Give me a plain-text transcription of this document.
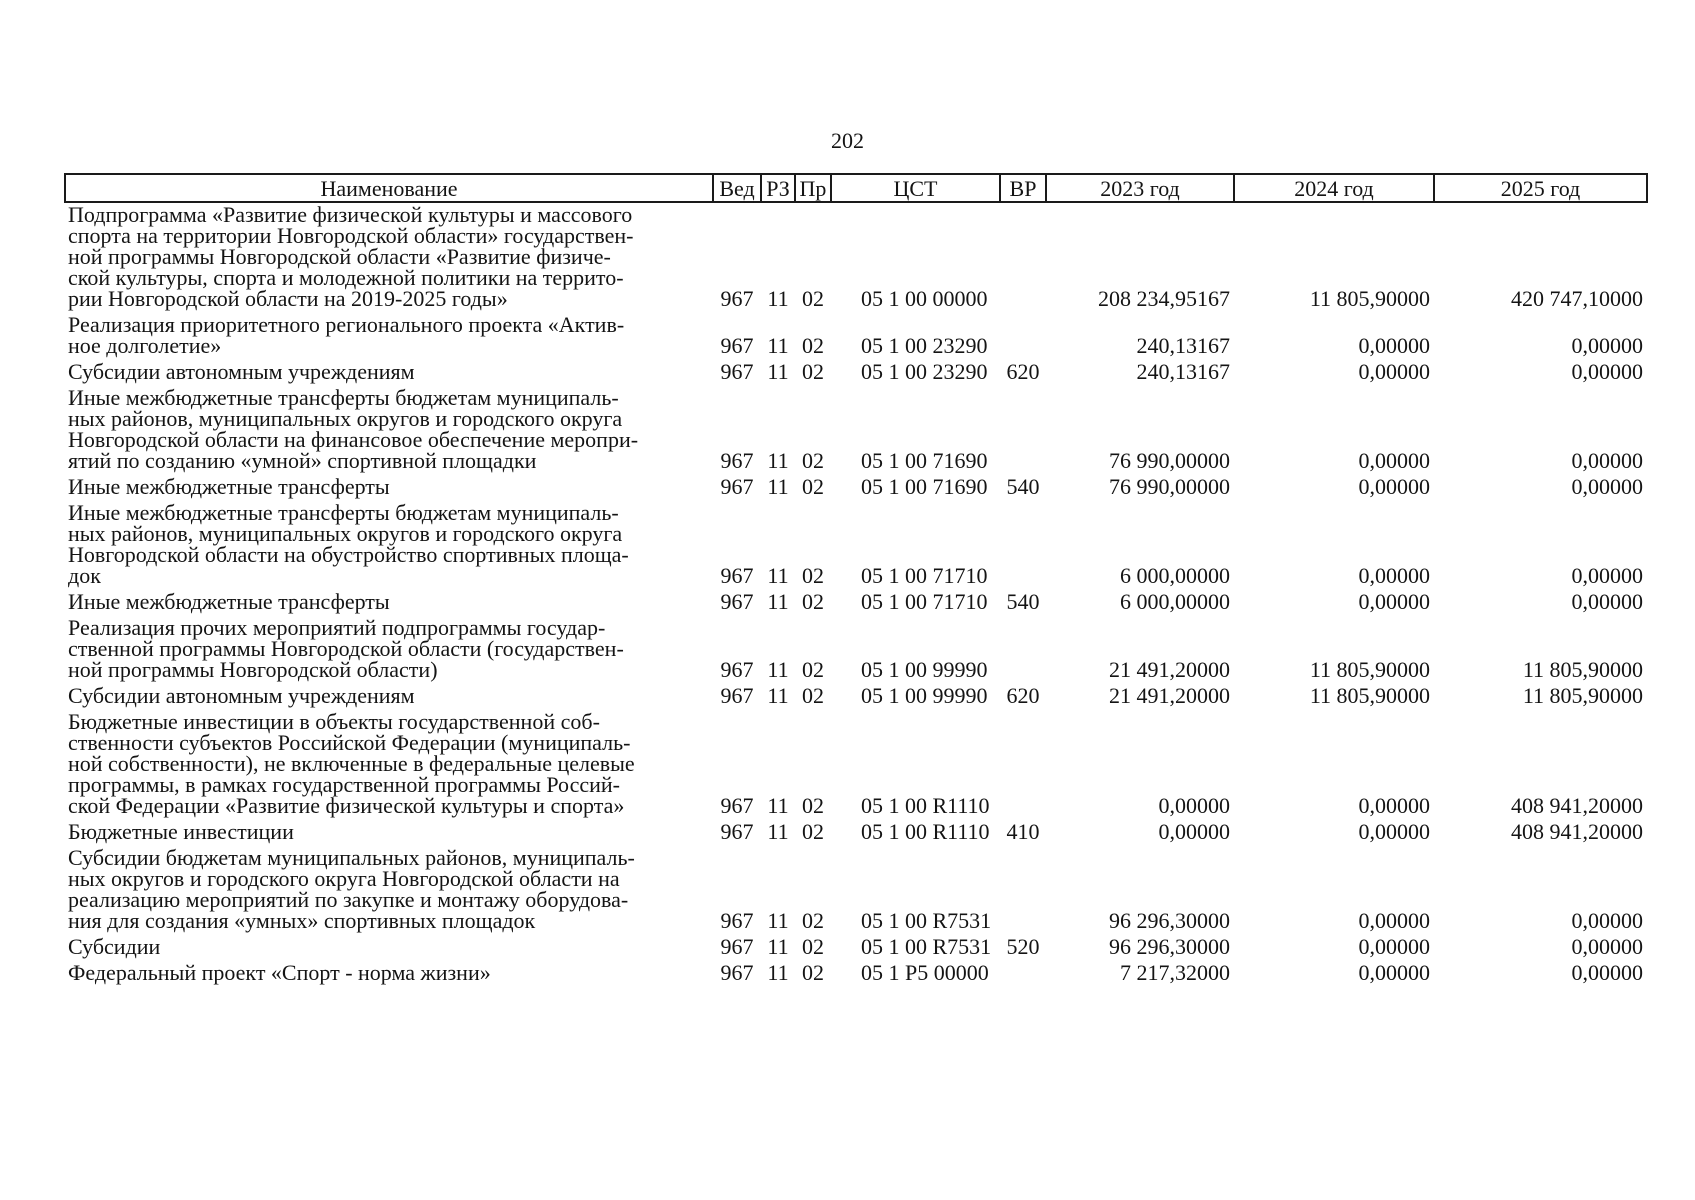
202
Наименование	Вед	РЗ	Пр	ЦСТ	ВР	2023 год	2024 год	2025 год

Подпрограмма «Развитие физической культуры и массового
спорта на территории Новгородской области» государствен-
ной программы Новгородской области «Развитие физиче-
ской культуры, спорта и молодежной политики на террито-
рии Новгородской области на 2019-2025 годы»	967	11	02	05 1 00 00000		208 234,95167	11 805,90000	420 747,10000

Реализация приоритетного регионального проекта «Актив-
ное долголетие»	967	11	02	05 1 00 23290		240,13167	0,00000	0,00000

Субсидии автономным учреждениям	967	11	02	05 1 00 23290	620	240,13167	0,00000	0,00000

Иные межбюджетные трансферты бюджетам муниципаль-
ных районов, муниципальных округов и городского округа
Новгородской области на финансовое обеспечение меропри-
ятий по созданию «умной» спортивной площадки	967	11	02	05 1 00 71690		76 990,00000	0,00000	0,00000

Иные межбюджетные трансферты	967	11	02	05 1 00 71690	540	76 990,00000	0,00000	0,00000

Иные межбюджетные трансферты бюджетам муниципаль-
ных районов, муниципальных округов и городского округа
Новгородской области на обустройство спортивных площа-
док	967	11	02	05 1 00 71710		6 000,00000	0,00000	0,00000

Иные межбюджетные трансферты	967	11	02	05 1 00 71710	540	6 000,00000	0,00000	0,00000

Реализация прочих мероприятий подпрограммы государ-
ственной программы Новгородской области (государствен-
ной программы Новгородской области)	967	11	02	05 1 00 99990		21 491,20000	11 805,90000	11 805,90000

Субсидии автономным учреждениям	967	11	02	05 1 00 99990	620	21 491,20000	11 805,90000	11 805,90000

Бюджетные инвестиции в объекты государственной соб-
ственности субъектов Российской Федерации (муниципаль-
ной собственности), не включенные в федеральные целевые
программы, в рамках государственной программы Россий-
ской Федерации «Развитие физической культуры и спорта»	967	11	02	05 1 00 R1110		0,00000	0,00000	408 941,20000

Бюджетные инвестиции	967	11	02	05 1 00 R1110	410	0,00000	0,00000	408 941,20000

Субсидии бюджетам муниципальных районов, муниципаль-
ных округов и городского округа Новгородской области на
реализацию мероприятий по закупке и монтажу оборудова-
ния для создания «умных» спортивных площадок	967	11	02	05 1 00 R7531		96 296,30000	0,00000	0,00000

Субсидии	967	11	02	05 1 00 R7531	520	96 296,30000	0,00000	0,00000

Федеральный проект «Спорт - норма жизни»	967	11	02	05 1 P5 00000		7 217,32000	0,00000	0,00000
